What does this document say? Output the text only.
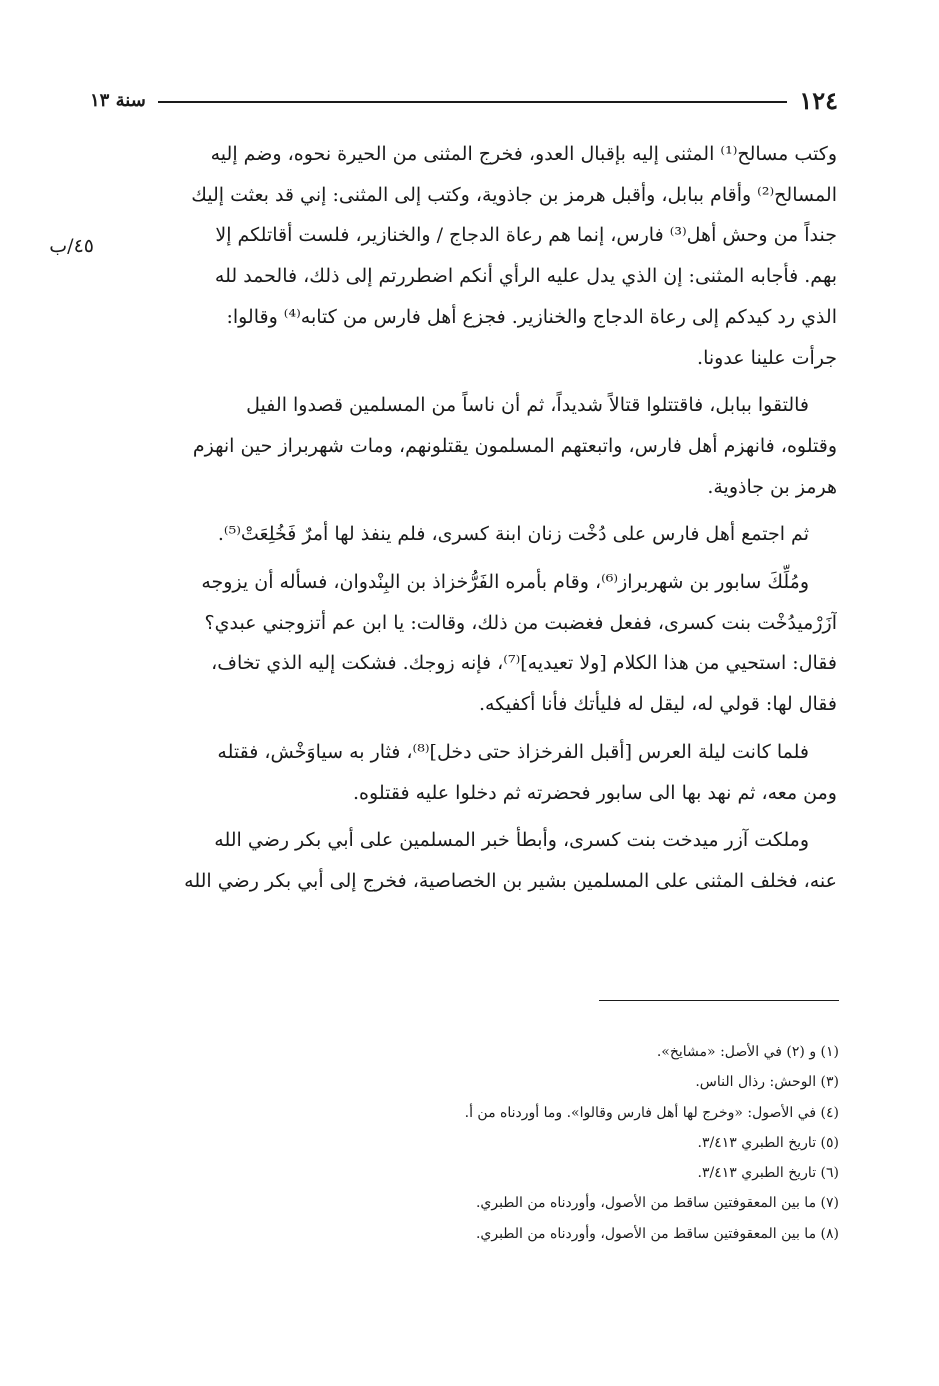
١٢٤
سنة ١٣
٤٥/ب
وكتب مسالح⁽¹⁾ المثنى إليه بإقبال العدو، فخرج المثنى من الحيرة نحوه، وضم إليه
المسالح⁽²⁾ وأقام ببابل، وأقبل هرمز بن جاذوية، وكتب إلى المثنى: إني قد بعثت إليك
جنداً من وحش أهل⁽³⁾ فارس، إنما هم رعاة الدجاج / والخنازير، فلست أقاتلكم إلا
بهم. فأجابه المثنى: إن الذي يدل عليه الرأي أنكم اضطررتم إلى ذلك، فالحمد لله
الذي رد كيدكم إلى رعاة الدجاج والخنازير. فجزع أهل فارس من كتابه⁽⁴⁾ وقالوا:
جرأت علينا عدونا.
فالتقوا ببابل، فاقتتلوا قتالاً شديداً، ثم أن ناساً من المسلمين قصدوا الفيل
وقتلوه، فانهزم أهل فارس، واتبعتهم المسلمون يقتلونهم، ومات شهربراز حين انهزم
هرمز بن جاذوية.
ثم اجتمع أهل فارس على دُخْت زنان ابنة كسرى، فلم ينفذ لها أمرٌ فَخُلِعَتْ⁽⁵⁾.
ومُلِّكَ سابور بن شهربراز⁽⁶⁾، وقام بأمره الفَرُّخزاذ بن البِنْدوان، فسأله أن يزوجه
آزَرْميدُخْت بنت كسرى، ففعل فغضبت من ذلك، وقالت: يا ابن عم أتزوجني عبدي؟
فقال: استحيي من هذا الكلام [ولا تعيديه]⁽⁷⁾، فإنه زوجك. فشكت إليه الذي تخاف،
فقال لها: قولي له، ليقل له فليأتك فأنا أكفيكه.
فلما كانت ليلة العرس [أقبل الفرخزاذ حتى دخل]⁽⁸⁾، فثار به سياوَخْش، فقتله
ومن معه، ثم نهد بها الى سابور فحضرته ثم دخلوا عليه فقتلوه.
وملكت آزر ميدخت بنت كسرى، وأبطأ خبر المسلمين على أبي بكر رضي الله
عنه، فخلف المثنى على المسلمين بشير بن الخصاصية، فخرج إلى أبي بكر رضي الله
(١) و (٢) في الأصل: «مشايخ».
(٣) الوحش: رذال الناس.
(٤) في الأصول: «وخرج لها أهل فارس وقالوا». وما أوردناه من أ.
(٥) تاريخ الطبري ٣/٤١٣.
(٦) تاريخ الطبري ٣/٤١٣.
(٧) ما بين المعقوفتين ساقط من الأصول، وأوردناه من الطبري.
(٨) ما بين المعقوفتين ساقط من الأصول، وأوردناه من الطبري.
